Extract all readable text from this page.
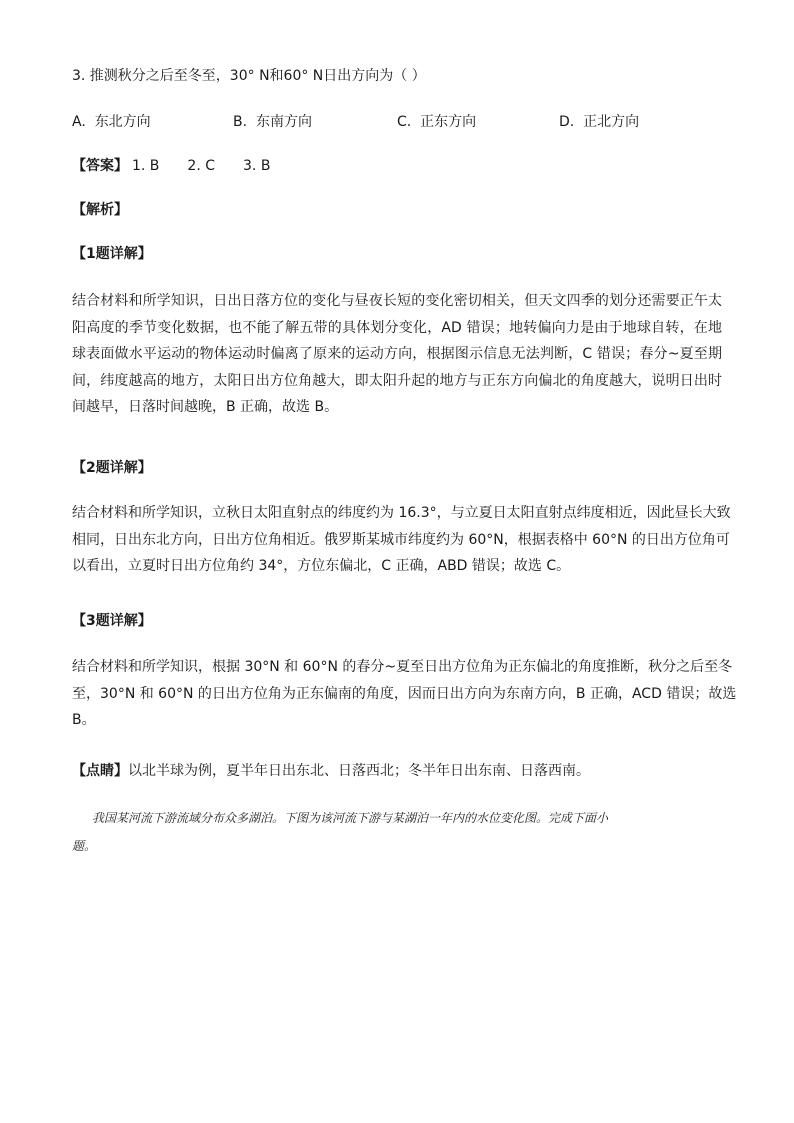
3. 推测秋分之后至冬至，30° N和60° N日出方向为（ ）
A. 东北方向	B. 东南方向	C. 正东方向	D. 正北方向
【答案】 1. B 2. C 3. B
【解析】
【1题详解】
结合材料和所学知识，日出日落方位的变化与昼夜长短的变化密切相关，但天文四季的划分还需要正午太
阳高度的季节变化数据，也不能了解五带的具体划分变化，AD 错误；地转偏向力是由于地球自转，在地
球表面做水平运动的物体运动时偏离了原来的运动方向，根据图示信息无法判断，C 错误；春分~夏至期
间，纬度越高的地方，太阳日出方位角越大，即太阳升起的地方与正东方向偏北的角度越大，说明日出时
间越早，日落时间越晚，B 正确，故选 B。
【2题详解】
结合材料和所学知识，立秋日太阳直射点的纬度约为 16.3°，与立夏日太阳直射点纬度相近，因此昼长大致
相同，日出东北方向，日出方位角相近。俄罗斯某城市纬度约为 60°N，根据表格中 60°N 的日出方位角可
以看出，立夏时日出方位角约 34°，方位东偏北，C 正确，ABD 错误；故选 C。
【3题详解】
结合材料和所学知识，根据 30°N 和 60°N 的春分~夏至日出方位角为正东偏北的角度推断，秋分之后至冬
至，30°N 和 60°N 的日出方位角为正东偏南的角度，因而日出方向为东南方向，B 正确，ACD 错误；故选
B。
【点睛】以北半球为例，夏半年日出东北、日落西北；冬半年日出东南、日落西南。
我国某河流下游流域分布众多湖泊。下图为该河流下游与某湖泊一年内的水位变化图。完成下面小
题。
